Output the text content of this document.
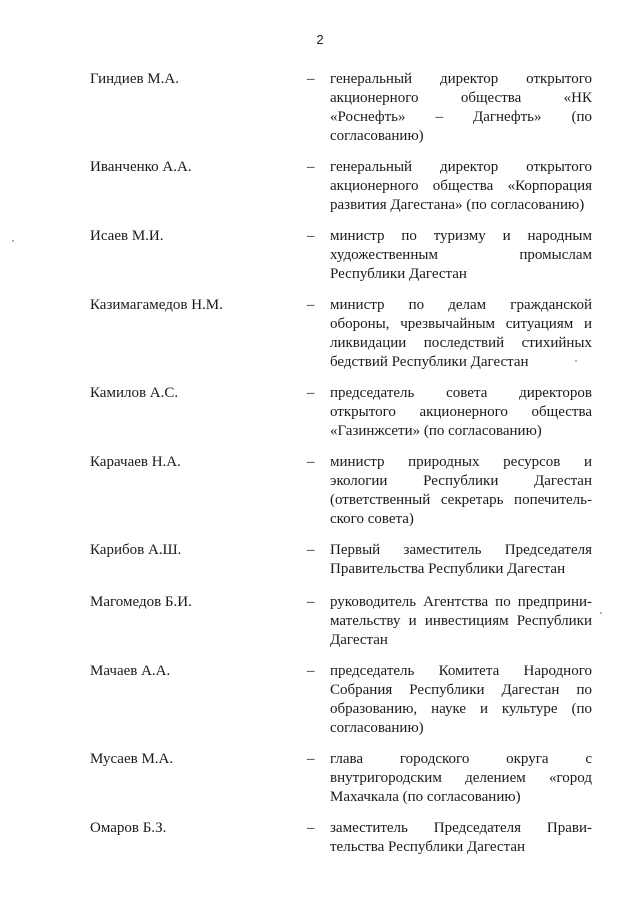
2
Гиндиев М.А.	– генеральный директор открытого акционерного общества «НК «Роснефть» – Дагнефть» (по согласованию)
Иванченко А.А.	– генеральный директор открытого акционерного общества «Корпорация развития Дагестана» (по согласованию)
Исаев М.И.	– министр по туризму и народным художественным промыслам Республики Дагестан
Казимагамедов Н.М.	– министр по делам гражданской обороны, чрезвычайным ситуациям и ликвидации последствий стихийных бедствий Республики Дагестан
Камилов А.С.	– председатель совета директоров открытого акционерного общества «Газинжсети» (по согласованию)
Карачаев Н.А.	– министр природных ресурсов и экологии Республики Дагестан (ответственный секретарь попечитель-ского совета)
Карибов А.Ш.	– Первый заместитель Председателя Правительства Республики Дагестан
Магомедов Б.И.	– руководитель Агентства по предприни-мательству и инвестициям Республики Дагестан
Мачаев А.А.	– председатель Комитета Народного Собрания Республики Дагестан по образованию, науке и культуре (по согласованию)
Мусаев М.А.	– глава городского округа с внутригородским делением «город Махачкала (по согласованию)
Омаров Б.З.	– заместитель Председателя Прави-тельства Республики Дагестан
